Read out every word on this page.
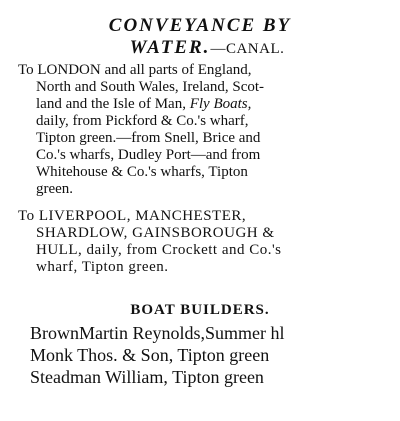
CONVEYANCE BY
WATER.—CANAL.
To LONDON and all parts of England,
North and South Wales, Ireland, Scot-
land and the Isle of Man, Fly Boats,
daily, from Pickford & Co.'s wharf,
Tipton green.—from Snell, Brice and
Co.'s wharfs, Dudley Port—and from
Whitehouse & Co.'s wharfs, Tipton
green.
To LIVERPOOL, MANCHESTER,
SHARDLOW, GAINSBOROUGH &
HULL, daily, from Crockett and Co.'s
wharf, Tipton green.
BOAT BUILDERS.
BrownMartin Reynolds,Summer hl
Monk Thos. & Son, Tipton green
Steadman William, Tipton green
